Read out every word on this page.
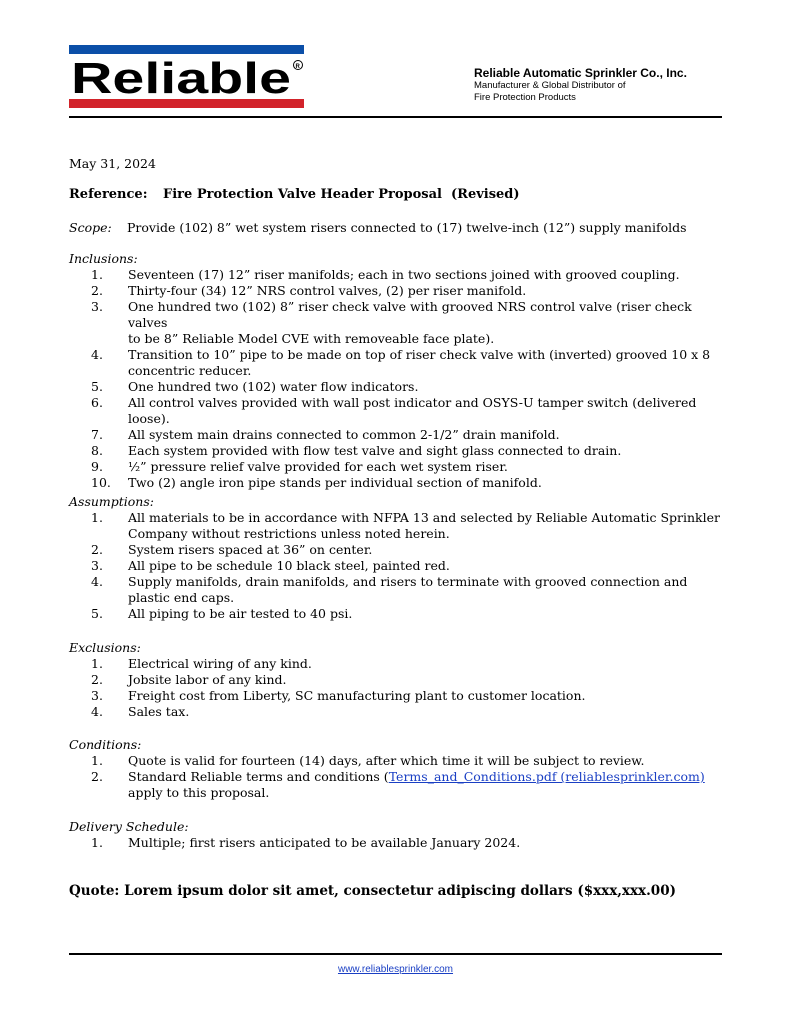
Reliable R	Reliable Automatic Sprinkler Co., Inc.
Manufacturer & Global Distributor of
Fire Protection Products
May 31, 2024
Reference: Fire Protection Valve Header Proposal  (Revised)
Scope: Provide (102) 8” wet system risers connected to (17) twelve-inch (12”) supply manifolds
Inclusions:
1. Seventeen (17) 12” riser manifolds; each in two sections joined with grooved coupling.
2. Thirty-four (34) 12” NRS control valves, (2) per riser manifold.
3. One hundred two (102) 8” riser check valve with grooved NRS control valve (riser check valves
to be 8” Reliable Model CVE with removeable face plate).
4. Transition to 10” pipe to be made on top of riser check valve with (inverted) grooved 10 x 8
concentric reducer.
5. One hundred two (102) water flow indicators.
6. All control valves provided with wall post indicator and OSYS-U tamper switch (delivered
loose).
7. All system main drains connected to common 2-1/2” drain manifold.
8. Each system provided with flow test valve and sight glass connected to drain.
9. ½” pressure relief valve provided for each wet system riser.
10. Two (2) angle iron pipe stands per individual section of manifold.
Assumptions:
1. All materials to be in accordance with NFPA 13 and selected by Reliable Automatic Sprinkler
Company without restrictions unless noted herein.
2. System risers spaced at 36” on center.
3. All pipe to be schedule 10 black steel, painted red.
4. Supply manifolds, drain manifolds, and risers to terminate with grooved connection and
plastic end caps.
5. All piping to be air tested to 40 psi.
Exclusions:
1. Electrical wiring of any kind.
2. Jobsite labor of any kind.
3. Freight cost from Liberty, SC manufacturing plant to customer location.
4. Sales tax.
Conditions:
1. Quote is valid for fourteen (14) days, after which time it will be subject to review.
2. Standard Reliable terms and conditions (Terms_and_Conditions.pdf (reliablesprinkler.com)
apply to this proposal.
Delivery Schedule:
1. Multiple; first risers anticipated to be available January 2024.
Quote: Lorem ipsum dolor sit amet, consectetur adipiscing dollars ($xxx,xxx.00)
www.reliablesprinkler.com
